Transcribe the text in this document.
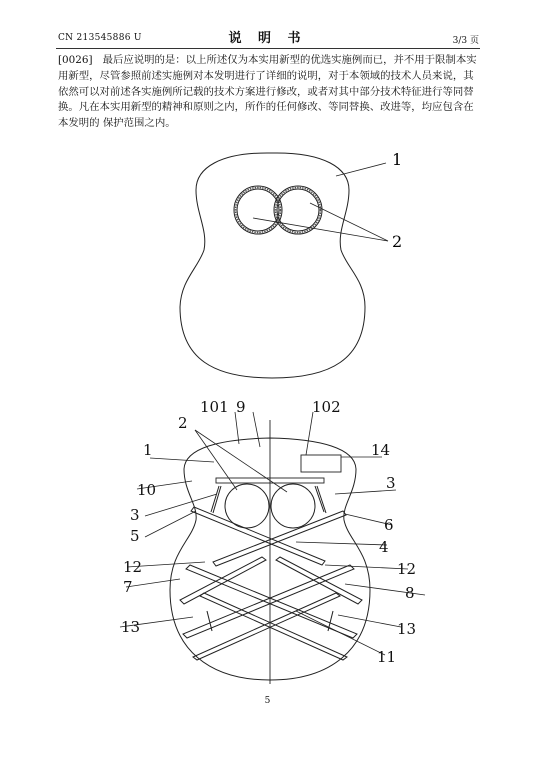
CN 213545886 U	说 明 书	3/3 页
[0026] 最后应说明的是：以上所述仅为本实用新型的优选实施例而已，并不用于限制本实用新型，尽管参照前述实施例对本发明进行了详细的说明，对于本领域的技术人员来说，其依然可以对前述各实施例所记载的技术方案进行修改，或者对其中部分技术特征进行等同替换。凡在本实用新型的精神和原则之内，所作的任何修改、等同替换、改进等，均应包含在本发明的 保护范围之内。
1
2
101 9	102
2
1	14
10	3
3
6
5
4
12	12
7	8
13	13
11
5
